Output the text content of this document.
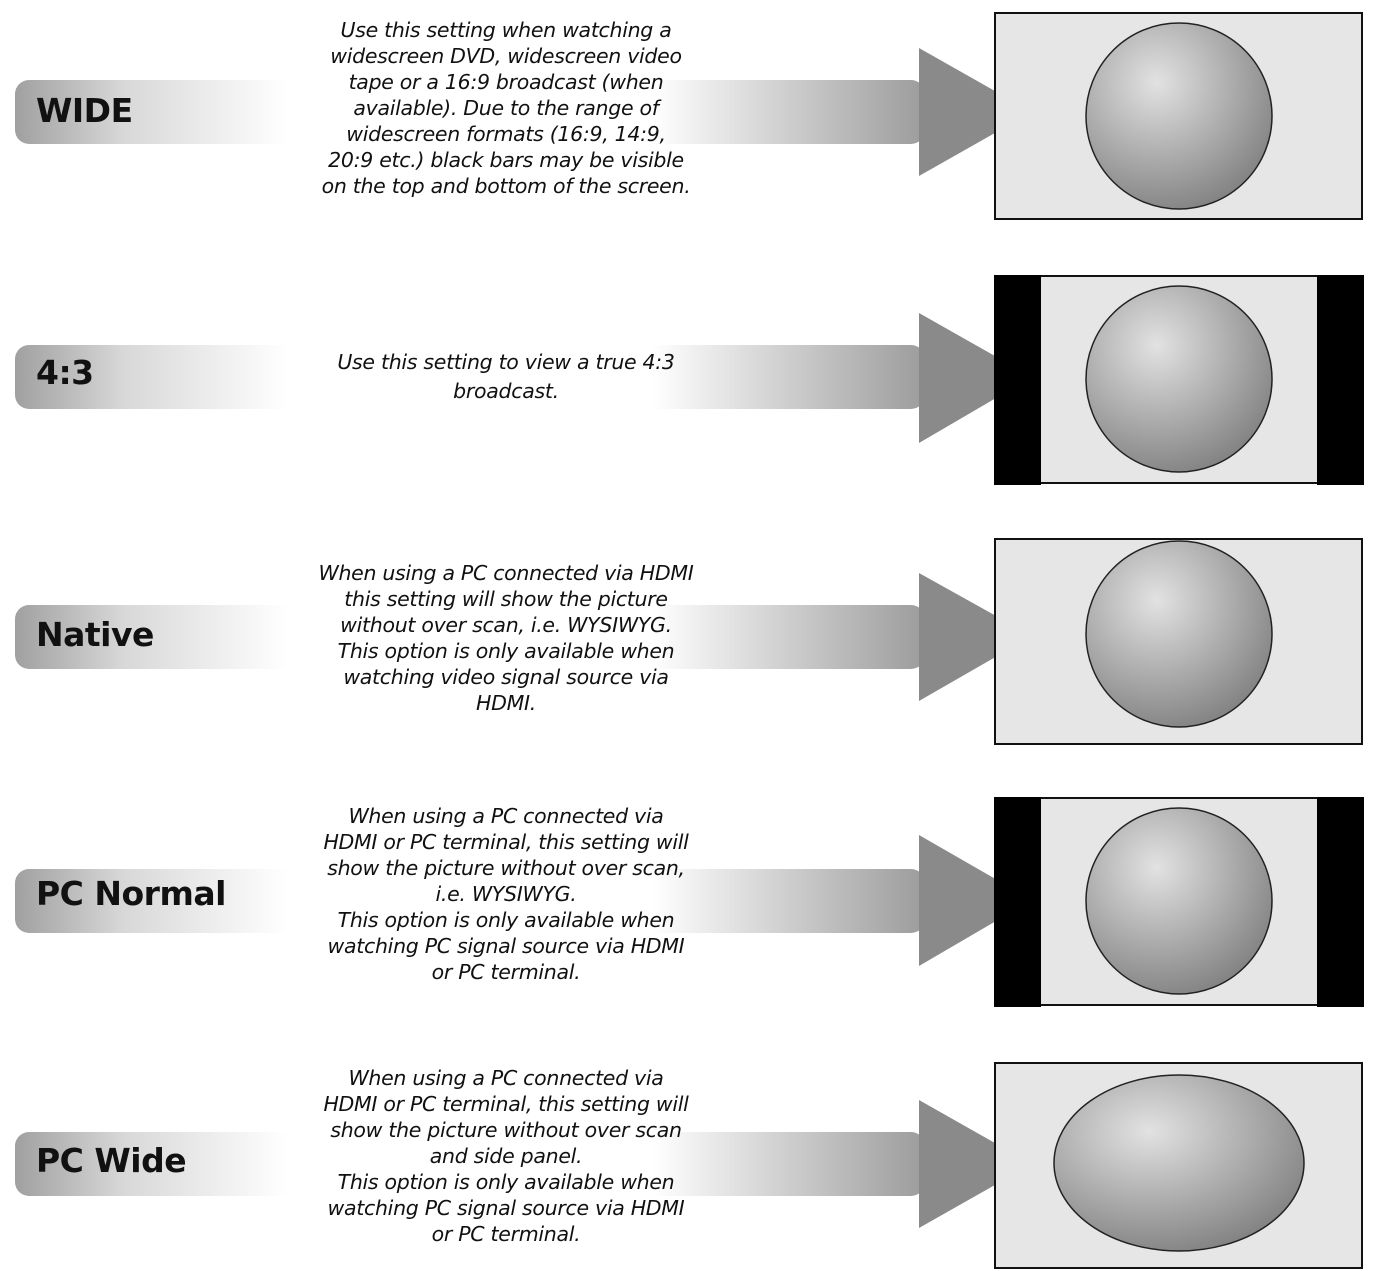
WIDE
Use this setting when watching a
widescreen DVD, widescreen video
tape or a 16:9 broadcast (when
available). Due to the range of
widescreen formats (16:9, 14:9,
20:9 etc.) black bars may be visible
on the top and bottom of the screen.
4:3	Use this setting to view a true 4:3
broadcast.
Native
When using a PC connected via HDMI
this setting will show the picture
without over scan, i.e. WYSIWYG.
This option is only available when
watching video signal source via
HDMI.
PC Normal
When using a PC connected via
HDMI or PC terminal, this setting will
show the picture without over scan,
i.e. WYSIWYG.
This option is only available when
watching PC signal source via HDMI
or PC terminal.
PC Wide
When using a PC connected via
HDMI or PC terminal, this setting will
show the picture without over scan
and side panel.
This option is only available when
watching PC signal source via HDMI
or PC terminal.
